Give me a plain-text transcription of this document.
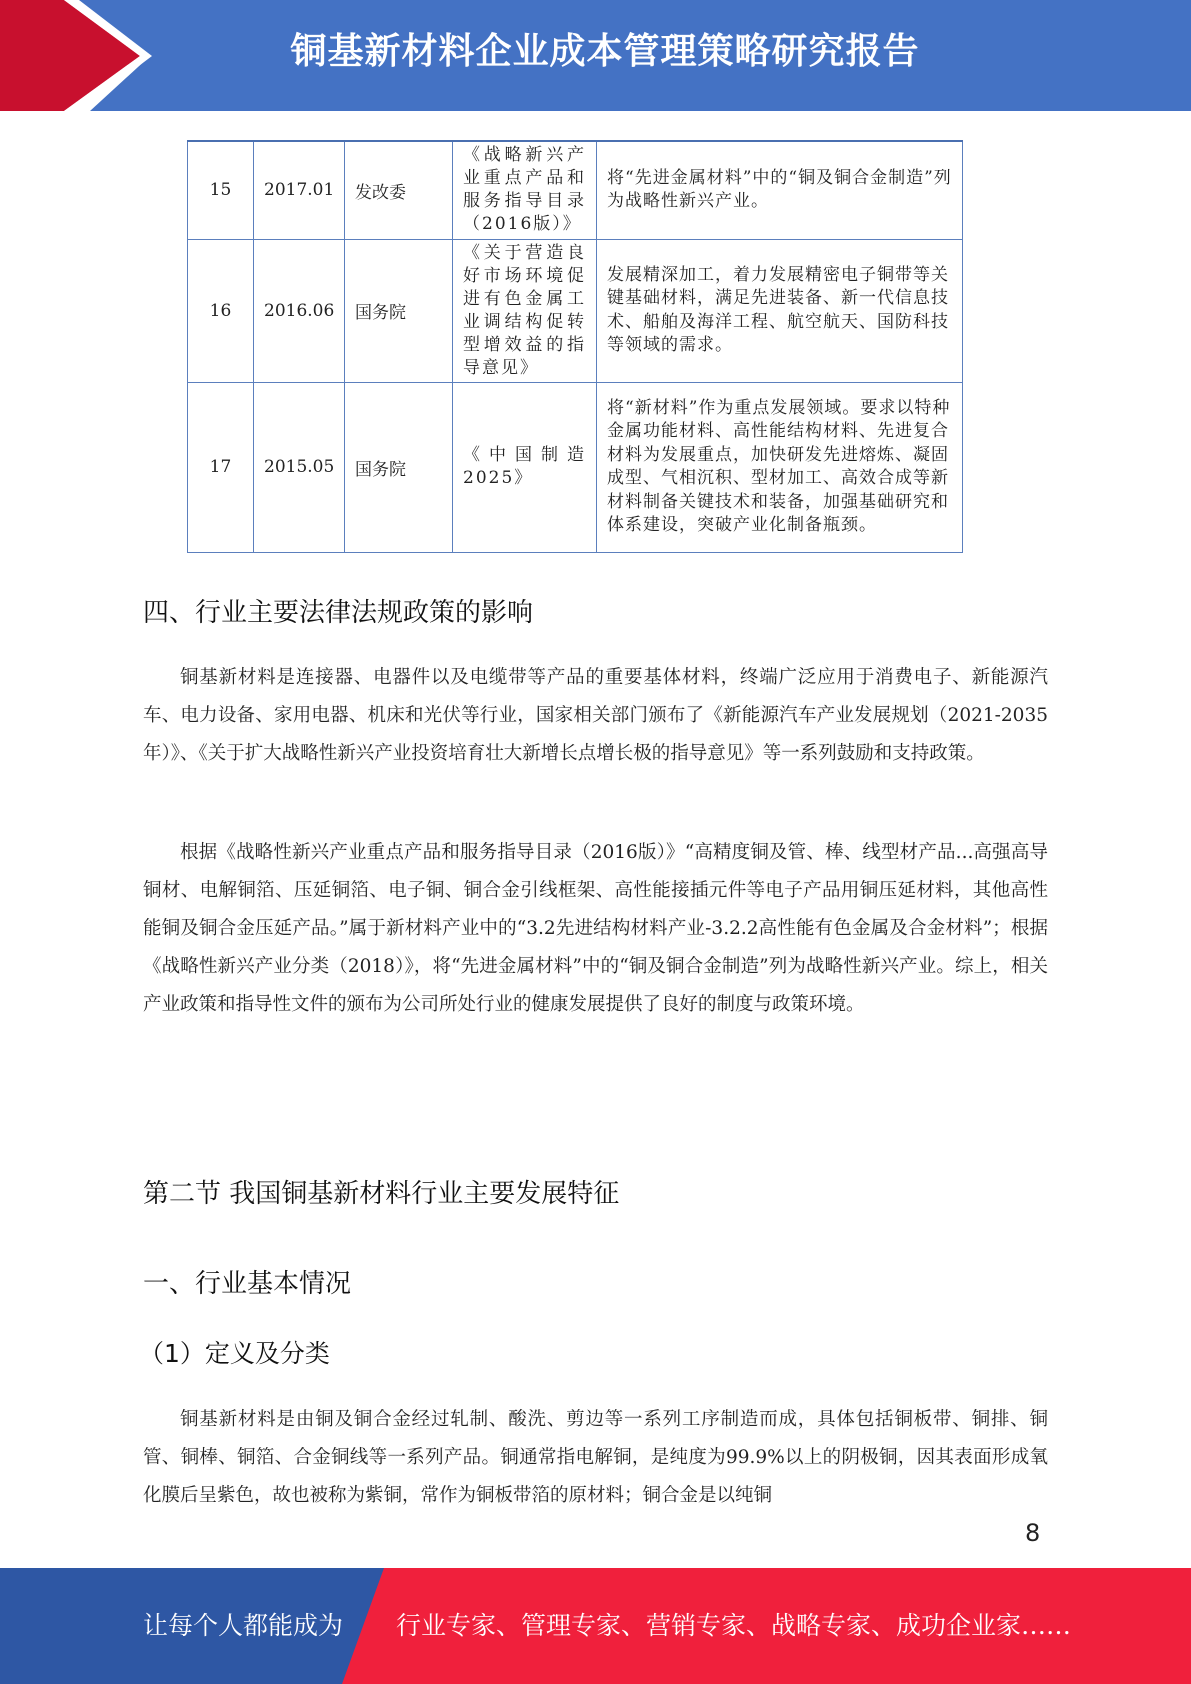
铜基新材料企业成本管理策略研究报告
15	2017.01	发改委	《战略新兴产业重点产品和服务指导目录（2016版）》	将“先进金属材料”中的“铜及铜合金制造”列为战略性新兴产业。
16	2016.06	国务院	《关于营造良好市场环境促进有色金属工业调结构促转型增效益的指导意见》	发展精深加工，着力发展精密电子铜带等关键基础材料，满足先进装备、新一代信息技术、船舶及海洋工程、航空航天、国防科技等领域的需求。
17	2015.05	国务院	《中国制造2025》	将“新材料”作为重点发展领域。要求以特种金属功能材料、高性能结构材料、先进复合材料为发展重点，加快研发先进熔炼、凝固成型、气相沉积、型材加工、高效合成等新材料制备关键技术和装备，加强基础研究和体系建设，突破产业化制备瓶颈。
四、行业主要法律法规政策的影响

铜基新材料是连接器、电器件以及电缆带等产品的重要基体材料，终端广泛应用于消费电子、新能源汽车、电力设备、家用电器、机床和光伏等行业，国家相关部门颁布了《新能源汽车产业发展规划（2021-2035年）》、《关于扩大战略性新兴产业投资培育壮大新增长点增长极的指导意见》等一系列鼓励和支持政策。

根据《战略性新兴产业重点产品和服务指导目录（2016版）》“高精度铜及管、棒、线型材产品...高强高导铜材、电解铜箔、压延铜箔、电子铜、铜合金引线框架、高性能接插元件等电子产品用铜压延材料，其他高性能铜及铜合金压延产品。”属于新材料产业中的“3.2先进结构材料产业-3.2.2高性能有色金属及合金材料”；根据《战略性新兴产业分类（2018）》，将“先进金属材料”中的“铜及铜合金制造”列为战略性新兴产业。综上，相关产业政策和指导性文件的颁布为公司所处行业的健康发展提供了良好的制度与政策环境。

第二节 我国铜基新材料行业主要发展特征
一、行业基本情况
（1）定义及分类

铜基新材料是由铜及铜合金经过轧制、酸洗、剪边等一系列工序制造而成，具体包括铜板带、铜排、铜管、铜棒、铜箔、合金铜线等一系列产品。铜通常指电解铜，是纯度为99.9%以上的阴极铜，因其表面形成氧化膜后呈紫色，故也被称为紫铜，常作为铜板带箔的原材料；铜合金是以纯铜

8
让每个人都能成为 行业专家、管理专家、营销专家、战略专家、成功企业家……
